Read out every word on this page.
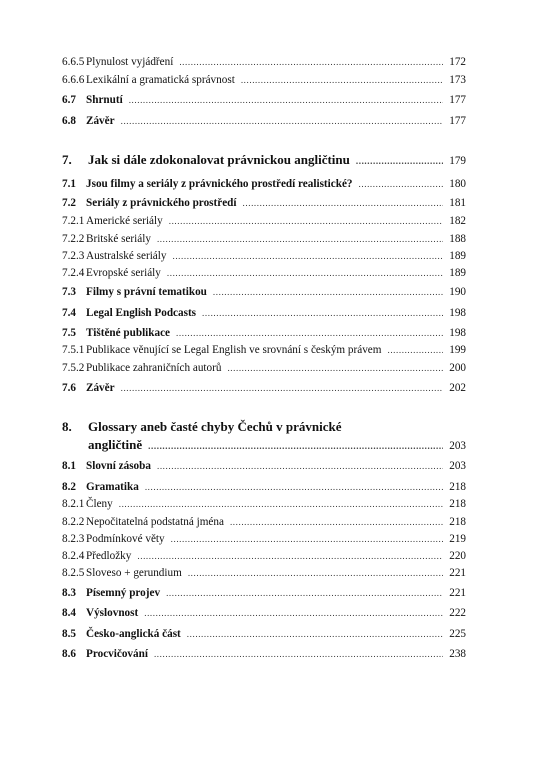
6.6.5 Plynulost vyjádření .....	172
6.6.6 Lexikální a gramatická správnost .....	173
6.7 Shrnutí .....	177
6.8 Závěr .....	177
7.	Jak si dále zdokonalovat právnickou angličtinu .....	179
7.1 Jsou filmy a seriály z právnického prostředí realistické? .....	180
7.2 Seriály z právnického prostředí .....	181
7.2.1 Americké seriály .....	182
7.2.2 Britské seriály .....	188
7.2.3 Australské seriály .....	189
7.2.4 Evropské seriály .....	189
7.3 Filmy s právní tematikou .....	190
7.4 Legal English Podcasts .....	198
7.5 Tištěné publikace .....	198
7.5.1 Publikace věnující se Legal English ve srovnání s českým právem .....	199
7.5.2 Publikace zahraničních autorů .....	200
7.6 Závěr .....	202
8.	Glossary aneb časté chyby Čechů v právnické
angličtině .....	203
8.1 Slovní zásoba .....	203
8.2 Gramatika .....	218
8.2.1 Členy .....	218
8.2.2 Nepočitatelná podstatná jména .....	218
8.2.3 Podmínkové věty .....	219
8.2.4 Předložky .....	220
8.2.5 Sloveso + gerundium .....	221
8.3 Písemný projev .....	221
8.4 Výslovnost .....	222
8.5 Česko-anglická část .....	225
8.6 Procvičování .....	238
